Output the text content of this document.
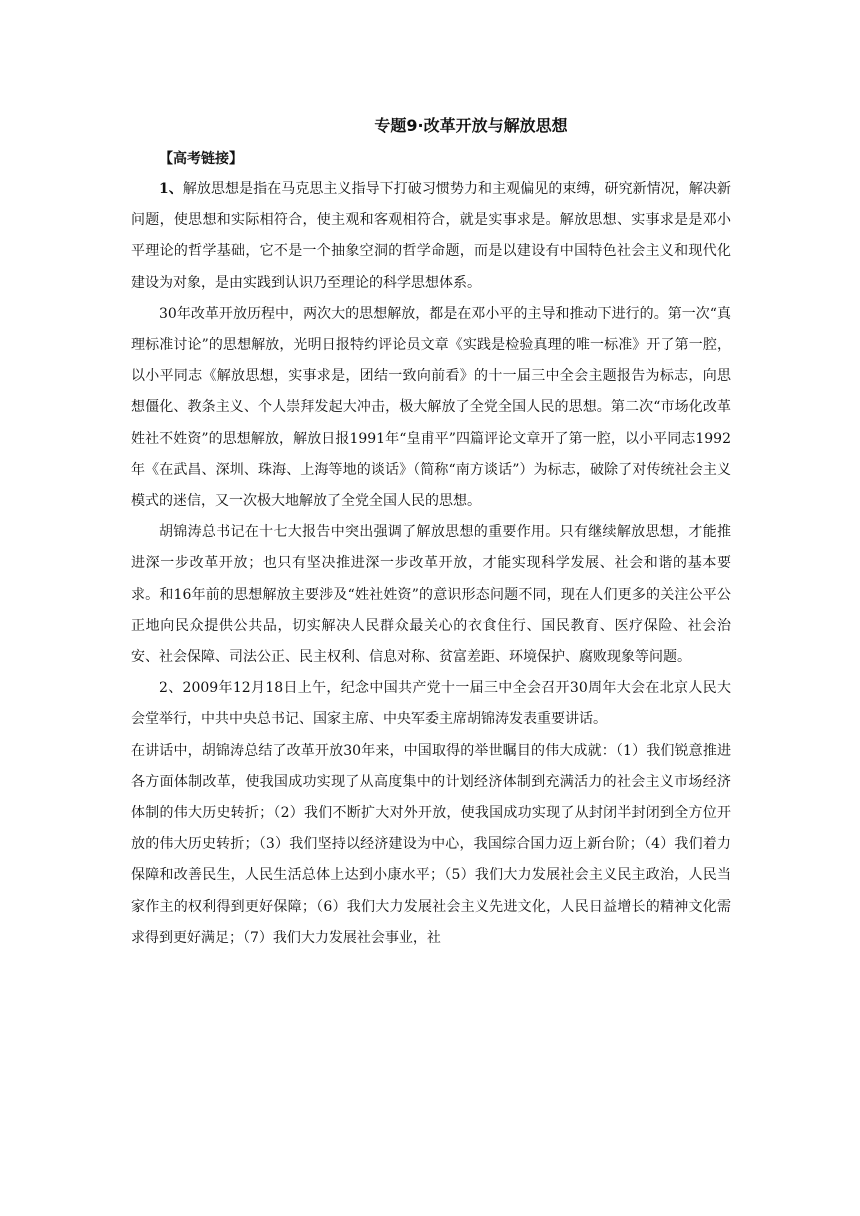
专题9·改革开放与解放思想
【高考链接】

1、解放思想是指在马克思主义指导下打破习惯势力和主观偏见的束缚，研究新情况，解决新问题，使思想和实际相符合，使主观和客观相符合，就是实事求是。解放思想、实事求是是邓小平理论的哲学基础，它不是一个抽象空洞的哲学命题，而是以建设有中国特色社会主义和现代化建设为对象，是由实践到认识乃至理论的科学思想体系。

30年改革开放历程中，两次大的思想解放，都是在邓小平的主导和推动下进行的。第一次“真理标准讨论”的思想解放，光明日报特约评论员文章《实践是检验真理的唯一标准》开了第一腔，以小平同志《解放思想，实事求是，团结一致向前看》的十一届三中全会主题报告为标志，向思想僵化、教条主义、个人崇拜发起大冲击，极大解放了全党全国人民的思想。第二次“市场化改革姓社不姓资”的思想解放，解放日报1991年“皇甫平”四篇评论文章开了第一腔，以小平同志1992年《在武昌、深圳、珠海、上海等地的谈话》（简称“南方谈话”）为标志，破除了对传统社会主义模式的迷信，又一次极大地解放了全党全国人民的思想。

胡锦涛总书记在十七大报告中突出强调了解放思想的重要作用。只有继续解放思想，才能推进深一步改革开放；也只有坚决推进深一步改革开放，才能实现科学发展、社会和谐的基本要求。和16年前的思想解放主要涉及“姓社姓资”的意识形态问题不同，现在人们更多的关注公平公正地向民众提供公共品，切实解决人民群众最关心的衣食住行、国民教育、医疗保险、社会治安、社会保障、司法公正、民主权利、信息对称、贫富差距、环境保护、腐败现象等问题。

2、2009年12月18日上午，纪念中国共产党十一届三中全会召开30周年大会在北京人民大会堂举行，中共中央总书记、国家主席、中央军委主席胡锦涛发表重要讲话。

在讲话中，胡锦涛总结了改革开放30年来，中国取得的举世瞩目的伟大成就：（1）我们锐意推进各方面体制改革，使我国成功实现了从高度集中的计划经济体制到充满活力的社会主义市场经济体制的伟大历史转折；（2）我们不断扩大对外开放，使我国成功实现了从封闭半封闭到全方位开放的伟大历史转折；（3）我们坚持以经济建设为中心，我国综合国力迈上新台阶；（4）我们着力保障和改善民生，人民生活总体上达到小康水平；（5）我们大力发展社会主义民主政治，人民当家作主的权利得到更好保障；（6）我们大力发展社会主义先进文化，人民日益增长的精神文化需求得到更好满足；（7）我们大力发展社会事业，社
